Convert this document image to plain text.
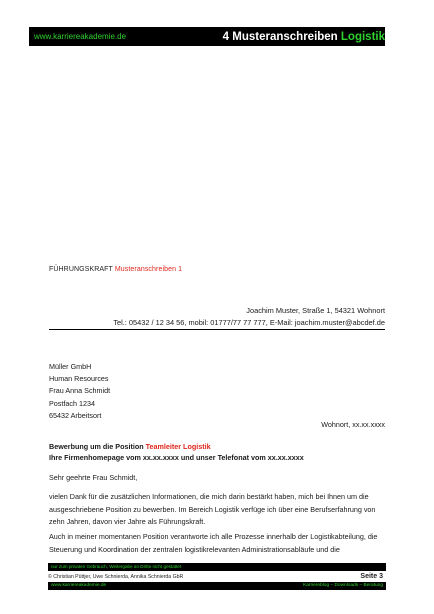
www.karriereakademie.de	4 Musteranschreiben Logistik
FÜHRUNGSKRAFT Musteranschreiben 1
Joachim Muster, Straße 1, 54321 Wohnort
Tel.: 05432 / 12 34 56, mobil: 01777/77 77 777, E-Mail: joachim.muster@abcdef.de
Müller GmbH
Human Resources
Frau Anna Schmidt
Postfach 1234
65432 Arbeitsort
Wohnort, xx.xx.xxxx
Bewerbung um die Position Teamleiter Logistik
Ihre Firmenhomepage vom xx.xx.xxxx und unser Telefonat vom xx.xx.xxxx
Sehr geehrte Frau Schmidt,
vielen Dank für die zusätzlichen Informationen, die mich darin bestärkt haben, mich bei Ihnen um die ausgeschriebene Position zu bewerben. Im Bereich Logistik verfüge ich über eine Berufserfahrung von zehn Jahren, davon vier Jahre als Führungskraft.
Auch in meiner momentanen Position verantworte ich alle Prozesse innerhalb der Logistikabteilung, die Steuerung und Koordination der zentralen logistikrelevanten Administrationsabläufe und die
nur zum privaten Gebrauch, Weitergabe an Dritte nicht gestattet
© Christian Püttjer, Uwe Schnierda, Annika Schnierda GbR	Seite 3
www.karriereakademie.de	Karriereblog – Downloads – Beratung
